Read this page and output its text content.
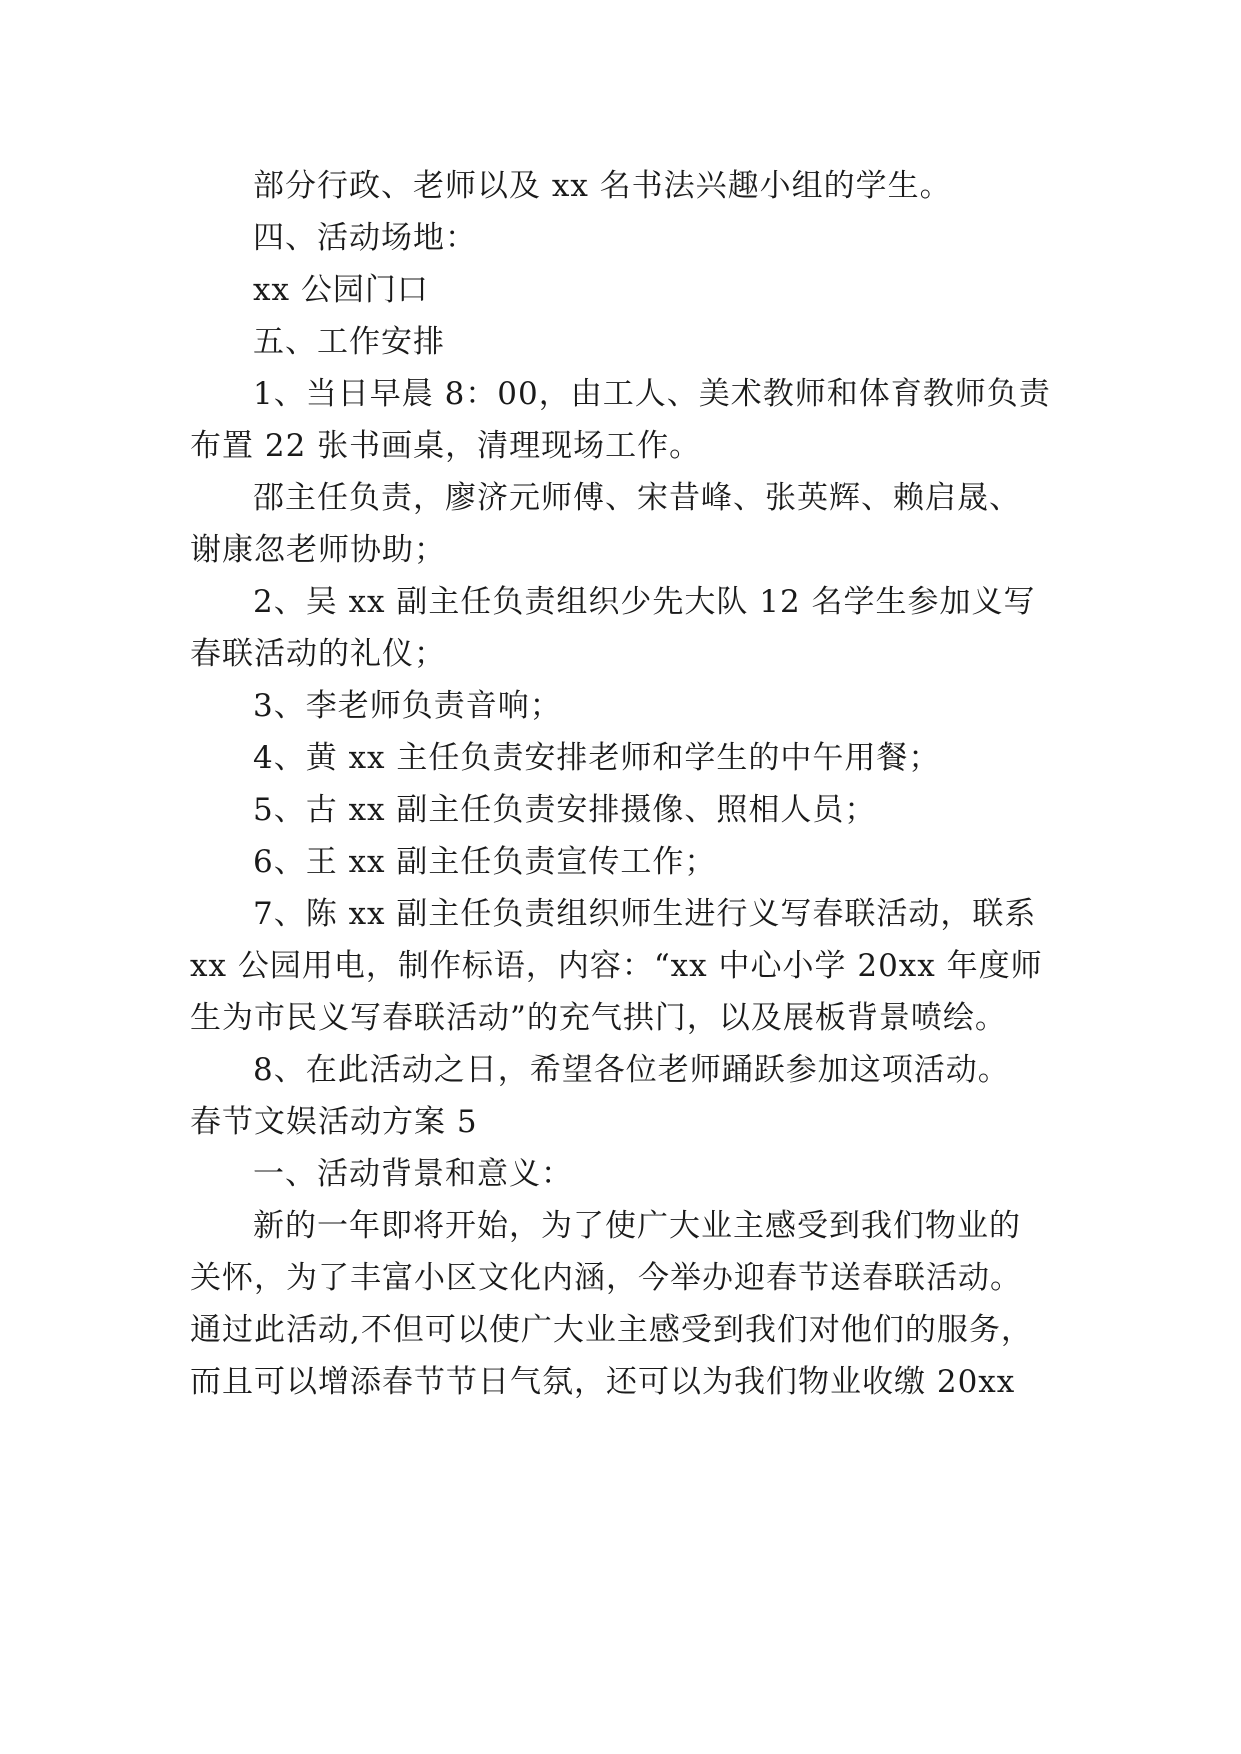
部分行政、老师以及 xx 名书法兴趣小组的学生。
四、活动场地：
xx 公园门口
五、工作安排
1、当日早晨 8：00，由工人、美术教师和体育教师负责
布置 22 张书画桌，清理现场工作。
邵主任负责，廖济元师傅、宋昔峰、张英辉、赖启晟、
谢康忽老师协助；
2、吴 xx 副主任负责组织少先大队 12 名学生参加义写
春联活动的礼仪；
3、李老师负责音响；
4、黄 xx 主任负责安排老师和学生的中午用餐；
5、古 xx 副主任负责安排摄像、照相人员；
6、王 xx 副主任负责宣传工作；
7、陈 xx 副主任负责组织师生进行义写春联活动，联系
xx 公园用电，制作标语，内容：“xx 中心小学 20xx 年度师
生为市民义写春联活动”的充气拱门，以及展板背景喷绘。
8、在此活动之日，希望各位老师踊跃参加这项活动。
春节文娱活动方案 5
一、活动背景和意义：
新的一年即将开始，为了使广大业主感受到我们物业的
关怀，为了丰富小区文化内涵，今举办迎春节送春联活动。
通过此活动,不但可以使广大业主感受到我们对他们的服务，
而且可以增添春节节日气氛，还可以为我们物业收缴 20xx
